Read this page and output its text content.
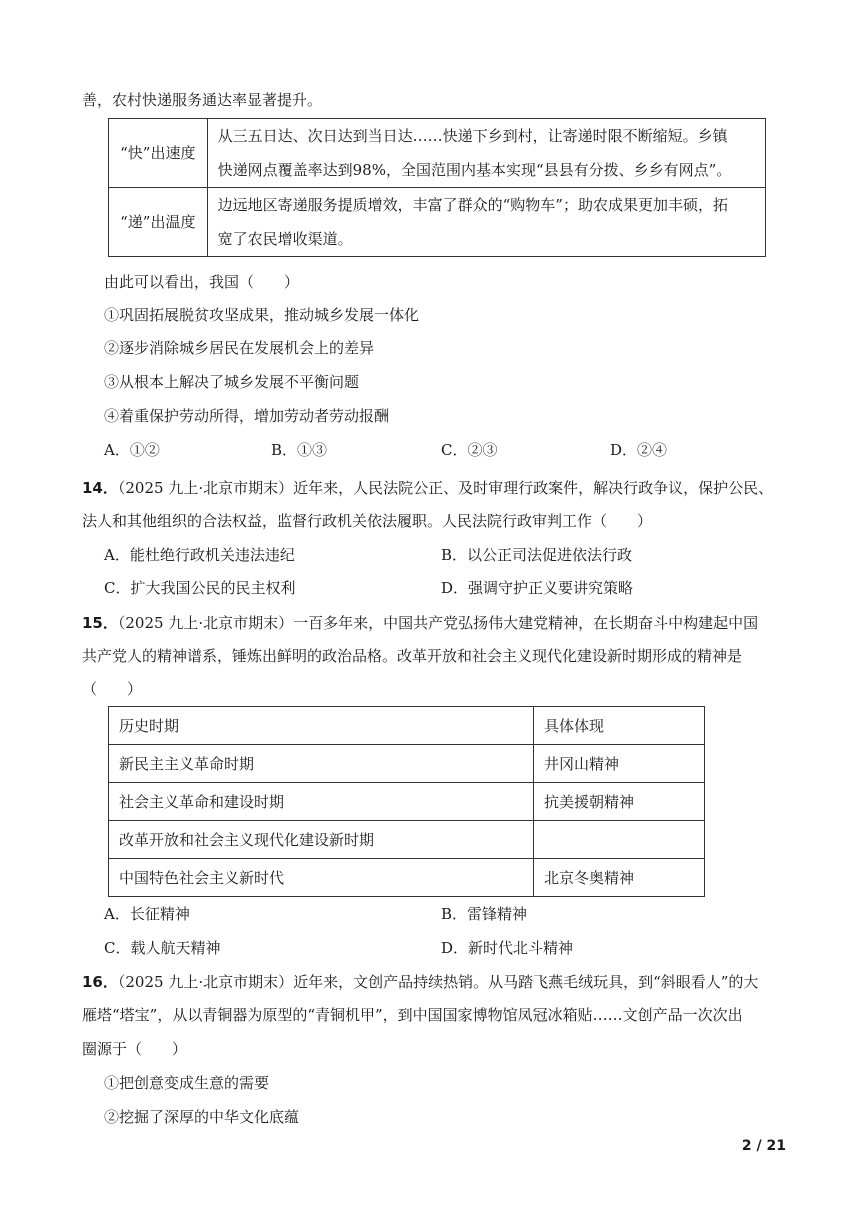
善，农村快递服务通达率显著提升。
“快”出速度	从三五日达、次日达到当日达……快递下乡到村，让寄递时限不断缩短。乡镇
快递网点覆盖率达到98%，全国范围内基本实现“县县有分拨、乡乡有网点”。

“递”出温度	边远地区寄递服务提质增效，丰富了群众的“购物车”；助农成果更加丰硕，拓
宽了农民增收渠道。
由此可以看出，我国（　　）
①巩固拓展脱贫攻坚成果，推动城乡发展一体化
②逐步消除城乡居民在发展机会上的差异
③从根本上解决了城乡发展不平衡问题
④着重保护劳动所得，增加劳动者劳动报酬
A．①②	B．①③	C．②③	D．②④
14．（2025 九上·北京市期末）近年来，人民法院公正、及时审理行政案件，解决行政争议，保护公民、
法人和其他组织的合法权益，监督行政机关依法履职。人民法院行政审判工作（　　）
A．能杜绝行政机关违法违纪	B．以公正司法促进依法行政
C．扩大我国公民的民主权利	D．强调守护正义要讲究策略
15．（2025 九上·北京市期末）一百多年来，中国共产党弘扬伟大建党精神，在长期奋斗中构建起中国
共产党人的精神谱系，锤炼出鲜明的政治品格。改革开放和社会主义现代化建设新时期形成的精神是
（　　）
历史时期	具体体现
新民主主义革命时期	井冈山精神
社会主义革命和建设时期	抗美援朝精神
改革开放和社会主义现代化建设新时期	
中国特色社会主义新时代	北京冬奥精神
A．长征精神	B．雷锋精神
C．载人航天精神	D．新时代北斗精神
16．（2025 九上·北京市期末）近年来，文创产品持续热销。从马踏飞燕毛绒玩具，到“斜眼看人”的大
雁塔“塔宝”，从以青铜器为原型的“青铜机甲”，到中国国家博物馆凤冠冰箱贴……文创产品一次次出
圈源于（　　）
①把创意变成生意的需要
②挖掘了深厚的中华文化底蕴
2 / 21
